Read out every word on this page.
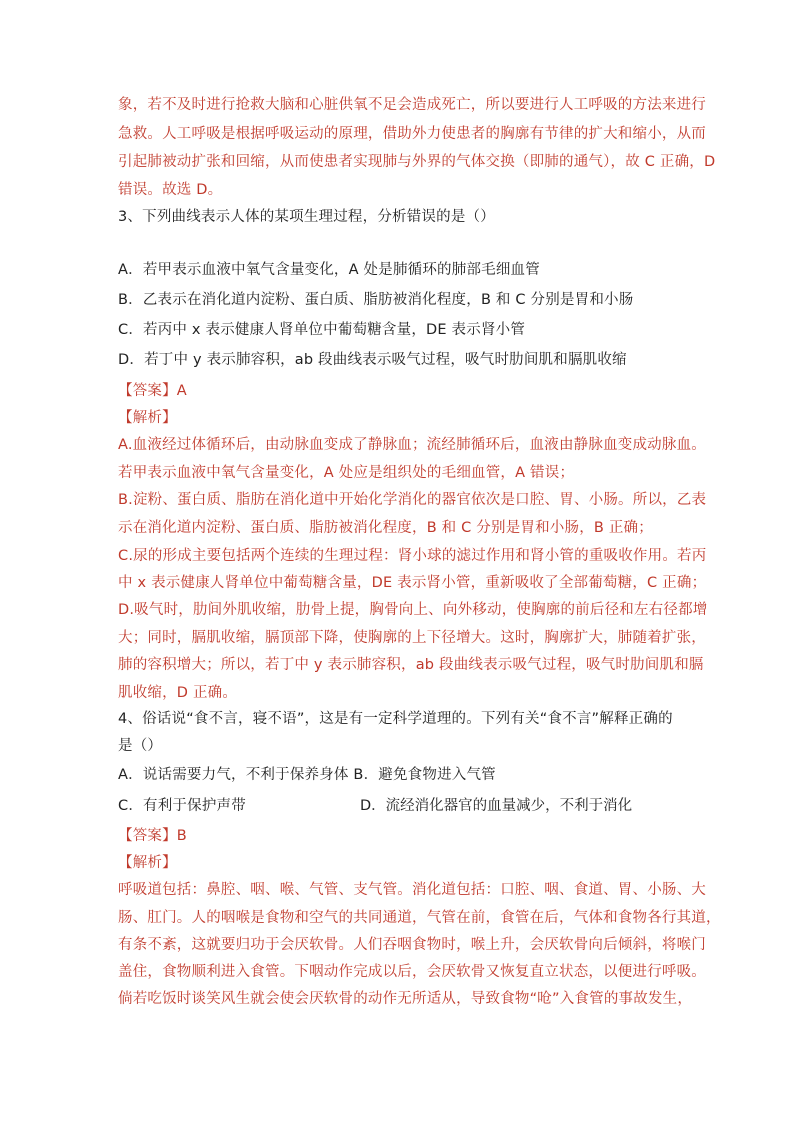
象，若不及时进行抢救大脑和心脏供氧不足会造成死亡，所以要进行人工呼吸的方法来进行
急救。人工呼吸是根据呼吸运动的原理，借助外力使患者的胸廓有节律的扩大和缩小，从而
引起肺被动扩张和回缩，从而使患者实现肺与外界的气体交换（即肺的通气），故 C 正确，D
错误。故选 D。
3、下列曲线表示人体的某项生理过程，分析错误的是（）
A．若甲表示血液中氧气含量变化，A 处是肺循环的肺部毛细血管
B．乙表示在消化道内淀粉、蛋白质、脂肪被消化程度，B 和 C 分别是胃和小肠
C．若丙中 x 表示健康人肾单位中葡萄糖含量，DE 表示肾小管
D．若丁中 y 表示肺容积，ab 段曲线表示吸气过程，吸气时肋间肌和膈肌收缩
【答案】A
【解析】
A.血液经过体循环后，由动脉血变成了静脉血；流经肺循环后，血液由静脉血变成动脉血。
若甲表示血液中氧气含量变化，A 处应是组织处的毛细血管，A 错误；
B.淀粉、蛋白质、脂肪在消化道中开始化学消化的器官依次是口腔、胃、小肠。所以，乙表
示在消化道内淀粉、蛋白质、脂肪被消化程度，B 和 C 分别是胃和小肠，B 正确；
C.尿的形成主要包括两个连续的生理过程：肾小球的滤过作用和肾小管的重吸收作用。若丙
中 x 表示健康人肾单位中葡萄糖含量，DE 表示肾小管，重新吸收了全部葡萄糖，C 正确；
D.吸气时，肋间外肌收缩，肋骨上提，胸骨向上、向外移动，使胸廓的前后径和左右径都增
大；同时，膈肌收缩，膈顶部下降，使胸廓的上下径增大。这时，胸廓扩大，肺随着扩张，
肺的容积增大；所以，若丁中 y 表示肺容积，ab 段曲线表示吸气过程，吸气时肋间肌和膈
肌收缩，D 正确。
4、俗话说“食不言，寝不语”，这是有一定科学道理的。下列有关“食不言”解释正确的
是（）
A．说话需要力气，不利于保养身体 B．避免食物进入气管
C．有利于保护声带	D．流经消化器官的血量减少，不利于消化
【答案】B
【解析】
呼吸道包括：鼻腔、咽、喉、气管、支气管。消化道包括：口腔、咽、食道、胃、小肠、大
肠、肛门。人的咽喉是食物和空气的共同通道，气管在前，食管在后，气体和食物各行其道，
有条不紊，这就要归功于会厌软骨。人们吞咽食物时，喉上升，会厌软骨向后倾斜，将喉门
盖住，食物顺利进入食管。下咽动作完成以后，会厌软骨又恢复直立状态，以便进行呼吸。
倘若吃饭时谈笑风生就会使会厌软骨的动作无所适从，导致食物“呛”入食管的事故发生，
